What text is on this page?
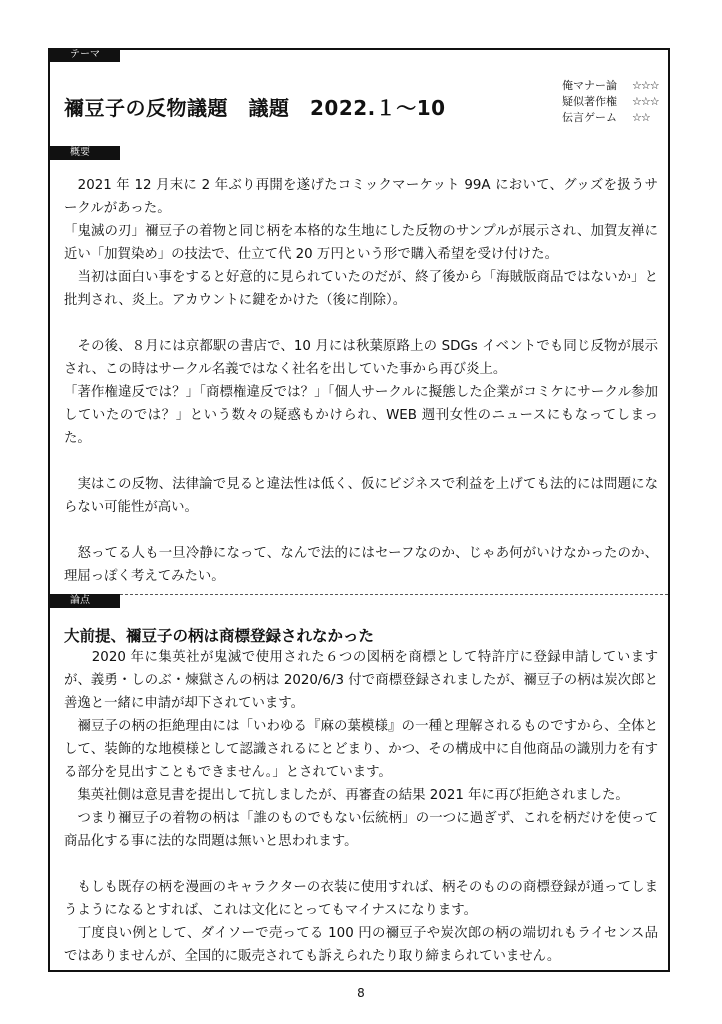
テーマ
禰豆子の反物議題　議題　2022.１～10
俺マナー論 ☆☆☆
疑似著作権 ☆☆☆
伝言ゲーム ☆☆
概要

　2021 年 12 月末に 2 年ぶり再開を遂げたコミックマーケット 99A において、グッズを扱うサークルがあった。

「鬼滅の刃」禰豆子の着物と同じ柄を本格的な生地にした反物のサンプルが展示され、加賀友禅に近い「加賀染め」の技法で、仕立て代 20 万円という形で購入希望を受け付けた。

　当初は面白い事をすると好意的に見られていたのだが、終了後から「海賊版商品ではないか」と批判され、炎上。アカウントに鍵をかけた（後に削除）。

　その後、８月には京都駅の書店で、10 月には秋葉原路上の SDGs イベントでも同じ反物が展示され、この時はサークル名義ではなく社名を出していた事から再び炎上。

「著作権違反では？」「商標権違反では？」「個人サークルに擬態した企業がコミケにサークル参加していたのでは？」という数々の疑惑もかけられ、WEB 週刊女性のニュースにもなってしまった。

　実はこの反物、法律論で見ると違法性は低く、仮にビジネスで利益を上げても法的には問題にならない可能性が高い。

　怒ってる人も一旦冷静になって、なんで法的にはセーフなのか、じゃあ何がいけなかったのか、理屈っぽく考えてみたい。

論点
大前提、禰豆子の柄は商標登録されなかった

　　2020 年に集英社が鬼滅で使用された６つの図柄を商標として特許庁に登録申請していますが、義勇・しのぶ・煉獄さんの柄は 2020/6/3 付で商標登録されましたが、禰豆子の柄は炭次郎と善逸と一緒に申請が却下されています。

　禰豆子の柄の拒絶理由には「いわゆる『麻の葉模様』の一種と理解されるものですから、全体として、装飾的な地模様として認識されるにとどまり、かつ、その構成中に自他商品の識別力を有する部分を見出すこともできません。」とされています。

　集英社側は意見書を提出して抗しましたが、再審査の結果 2021 年に再び拒絶されました。

　つまり禰豆子の着物の柄は「誰のものでもない伝統柄」の一つに過ぎず、これを柄だけを使って商品化する事に法的な問題は無いと思われます。

　もしも既存の柄を漫画のキャラクターの衣装に使用すれば、柄そのものの商標登録が通ってしまうようになるとすれば、これは文化にとってもマイナスになります。

　丁度良い例として、ダイソーで売ってる 100 円の禰豆子や炭次郎の柄の端切れもライセンス品ではありませんが、全国的に販売されても訴えられたり取り締まられていません。

8
